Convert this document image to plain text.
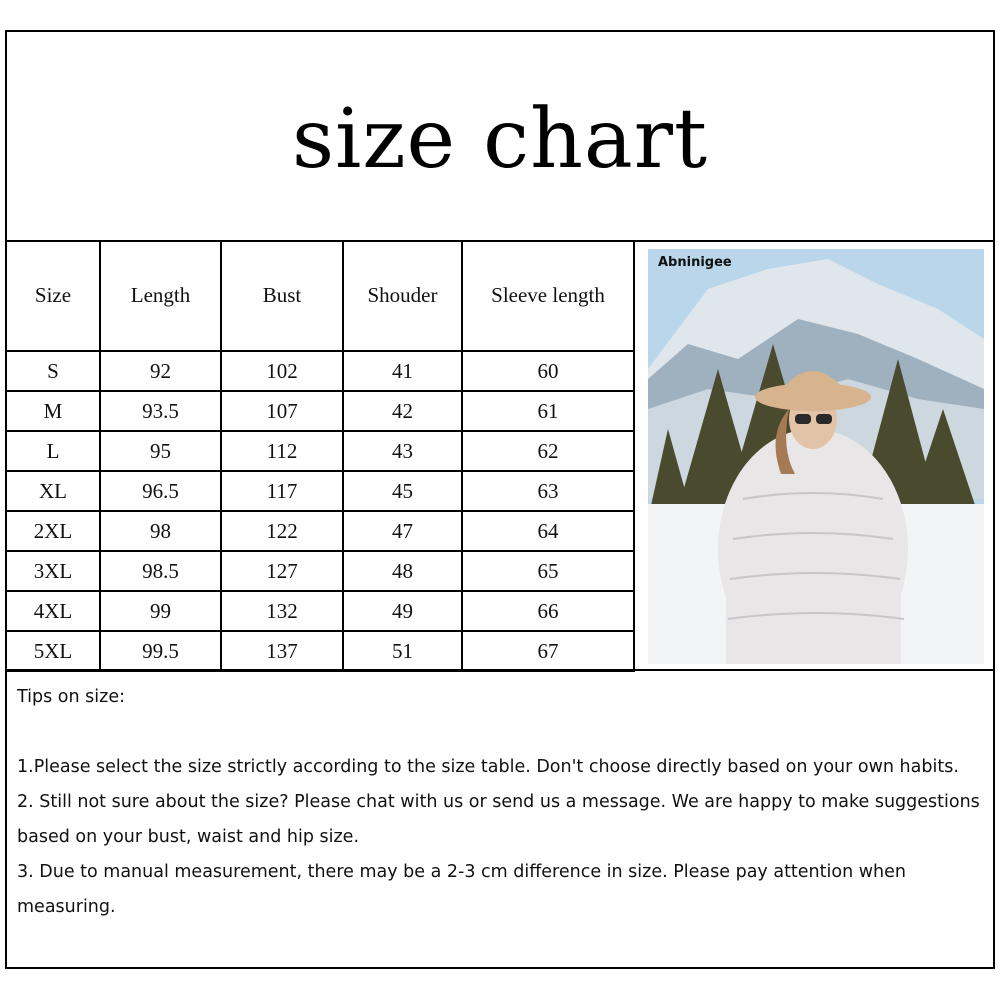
size chart
Size	Length	Bust	Shouder	Sleeve length
S	92	102	41	60
M	93.5	107	42	61
L	95	112	43	62
XL	96.5	117	45	63
2XL	98	122	47	64
3XL	98.5	127	48	65
4XL	99	132	49	66
5XL	99.5	137	51	67
Abninigee

Tips on size:

1.Please select the size strictly according to the size table. Don't choose directly based on your own habits.

2. Still not sure about the size? Please chat with us or send us a message. We are happy to make suggestions based on your bust, waist and hip size.

3. Due to manual measurement, there may be a 2-3 cm difference in size. Please pay attention when measuring.
